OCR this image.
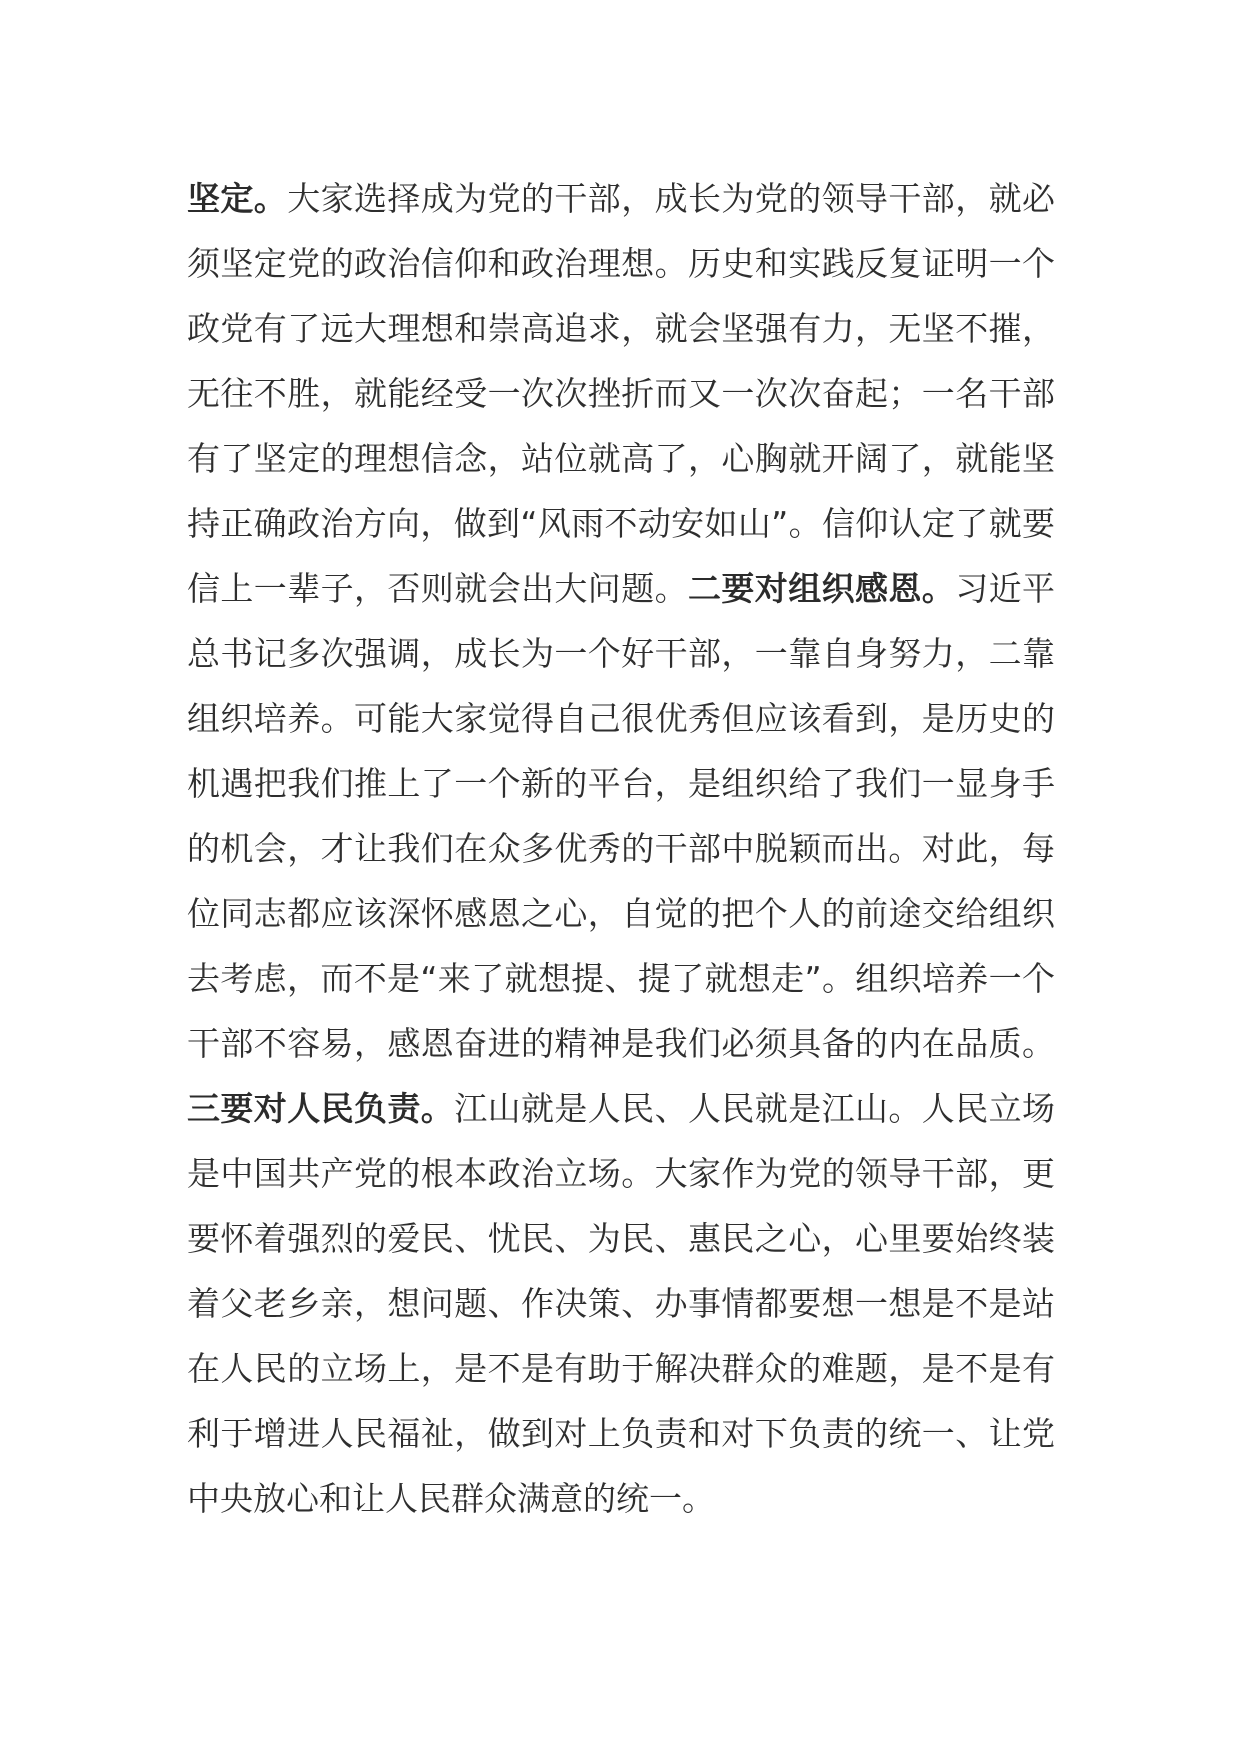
坚定。大家选择成为党的干部，成长为党的领导干部，就必须坚定党的政治信仰和政治理想。历史和实践反复证明一个政党有了远大理想和崇高追求，就会坚强有力，无坚不摧，无往不胜，就能经受一次次挫折而又一次次奋起；一名干部有了坚定的理想信念，站位就高了，心胸就开阔了，就能坚持正确政治方向，做到“风雨不动安如山”。信仰认定了就要信上一辈子，否则就会出大问题。二要对组织感恩。习近平总书记多次强调，成长为一个好干部，一靠自身努力，二靠组织培养。可能大家觉得自己很优秀但应该看到，是历史的机遇把我们推上了一个新的平台，是组织给了我们一显身手的机会，才让我们在众多优秀的干部中脱颖而出。对此，每位同志都应该深怀感恩之心，自觉的把个人的前途交给组织去考虑，而不是“来了就想提、提了就想走”。组织培养一个干部不容易，感恩奋进的精神是我们必须具备的内在品质。三要对人民负责。江山就是人民、人民就是江山。人民立场是中国共产党的根本政治立场。大家作为党的领导干部，更要怀着强烈的爱民、忧民、为民、惠民之心，心里要始终装着父老乡亲，想问题、作决策、办事情都要想一想是不是站在人民的立场上，是不是有助于解决群众的难题，是不是有利于增进人民福祉，做到对上负责和对下负责的统一、让党中央放心和让人民群众满意的统一。
